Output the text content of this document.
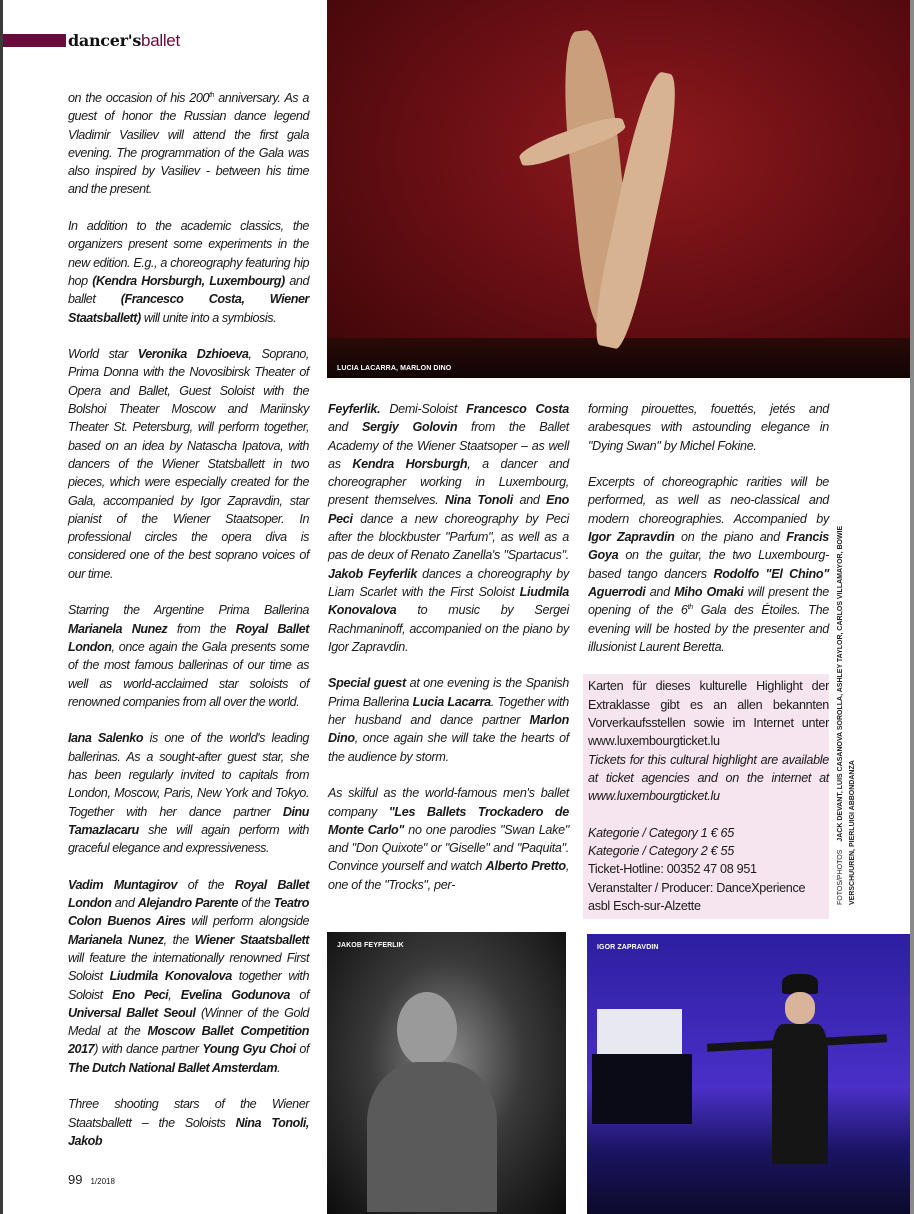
dancer'sballet

on the occasion of his 200th anniversary. As a guest of honor the Russian dance legend Vladimir Vasiliev will attend the first gala evening. The programmation of the Gala was also inspired by Vasiliev - between his time and the present.

In addition to the academic classics, the organizers present some experiments in the new edition. E.g., a choreography featuring hip hop (Kendra Horsburgh, Luxembourg) and ballet (Francesco Costa, Wiener Staatsballett) will unite into a symbiosis.

World star Veronika Dzhioeva, Soprano, Prima Donna with the Novosibirsk Theater of Opera and Ballet, Guest Soloist with the Bolshoi Theater Moscow and Mariinsky Theater St. Petersburg, will perform together, based on an idea by Natascha Ipatova, with dancers of the Wiener Statsballett in two pieces, which were especially created for the Gala, accompanied by Igor Zapravdin, star pianist of the Wiener Staatsoper. In professional circles the opera diva is considered one of the best soprano voices of our time.

Starring the Argentine Prima Ballerina Marianela Nunez from the Royal Ballet London, once again the Gala presents some of the most famous ballerinas of our time as well as world-acclaimed star soloists of renowned companies from all over the world.

Iana Salenko is one of the world's leading ballerinas. As a sought-after guest star, she has been regularly invited to capitals from London, Moscow, Paris, New York and Tokyo. Together with her dance partner Dinu Tamazlacaru she will again perform with graceful elegance and expressiveness.

Vadim Muntagirov of the Royal Ballet London and Alejandro Parente of the Teatro Colon Buenos Aires will perform alongside Marianela Nunez, the Wiener Staatsballett will feature the internationally renowned First Soloist Liudmila Konovalova together with Soloist Eno Peci, Evelina Godunova of Universal Ballet Seoul (Winner of the Gold Medal at the Moscow Ballet Competition 2017) with dance partner Young Gyu Choi of The Dutch National Ballet Amsterdam.

Three shooting stars of the Wiener Staatsballett – the Soloists Nina Tonoli, Jakob

Feyferlik. Demi-Soloist Francesco Costa and Sergiy Golovin from the Ballet Academy of the Wiener Staatsoper – as well as Kendra Horsburgh, a dancer and choreographer working in Luxembourg, present themselves. Nina Tonoli and Eno Peci dance a new choreography by Peci after the blockbuster "Parfum", as well as a pas de deux of Renato Zanella's "Spartacus". Jakob Feyferlik dances a choreography by Liam Scarlet with the First Soloist Liudmila Konovalova to music by Sergei Rachmaninoff, accompanied on the piano by Igor Zapravdin.

Special guest at one evening is the Spanish Prima Ballerina Lucia Lacarra. Together with her husband and dance partner Marlon Dino, once again she will take the hearts of the audience by storm.

As skilful as the world-famous men's ballet company "Les Ballets Trockadero de Monte Carlo" no one parodies "Swan Lake" and "Don Quixote" or "Giselle" and "Paquita". Convince yourself and watch Alberto Pretto, one of the "Trocks", per-

forming pirouettes, fouettés, jetés and arabesques with astounding elegance in "Dying Swan" by Michel Fokine.

Excerpts of choreographic rarities will be performed, as well as neo-classical and modern choreographies. Accompanied by Igor Zapravdin on the piano and Francis Goya on the guitar, the two Luxembourg-based tango dancers Rodolfo "El Chino" Aguerrodi and Miho Omaki will present the opening of the 6th Gala des Étoiles. The evening will be hosted by the presenter and illusionist Laurent Beretta.

Karten für dieses kulturelle Highlight der Extraklasse gibt es an allen bekannten Vorverkaufsstellen sowie im Internet unter www.luxembourgticket.lu
Tickets for this cultural highlight are available at ticket agencies and on the internet at www.luxembourgticket.lu
Kategorie / Category 1 € 65
Kategorie / Category 2 € 55
Ticket-Hotline: 00352 47 08 951
Veranstalter / Producer: DanceXperience asbl Esch-sur-Alzette
LUCIA LACARRA, MARLON DINO
JAKOB FEYFERLIK	IGOR ZAPRAVDIN
FOTOS/PHOTOSJACK DEVANT, LUIS CASANOVA SOROLLA, ASHLEY TAYLOR, CARLOS VILLAMAYOR, BOWIE VERSCHUUREN, PIERLUIGI ABBONDANZA
99 1/2018
